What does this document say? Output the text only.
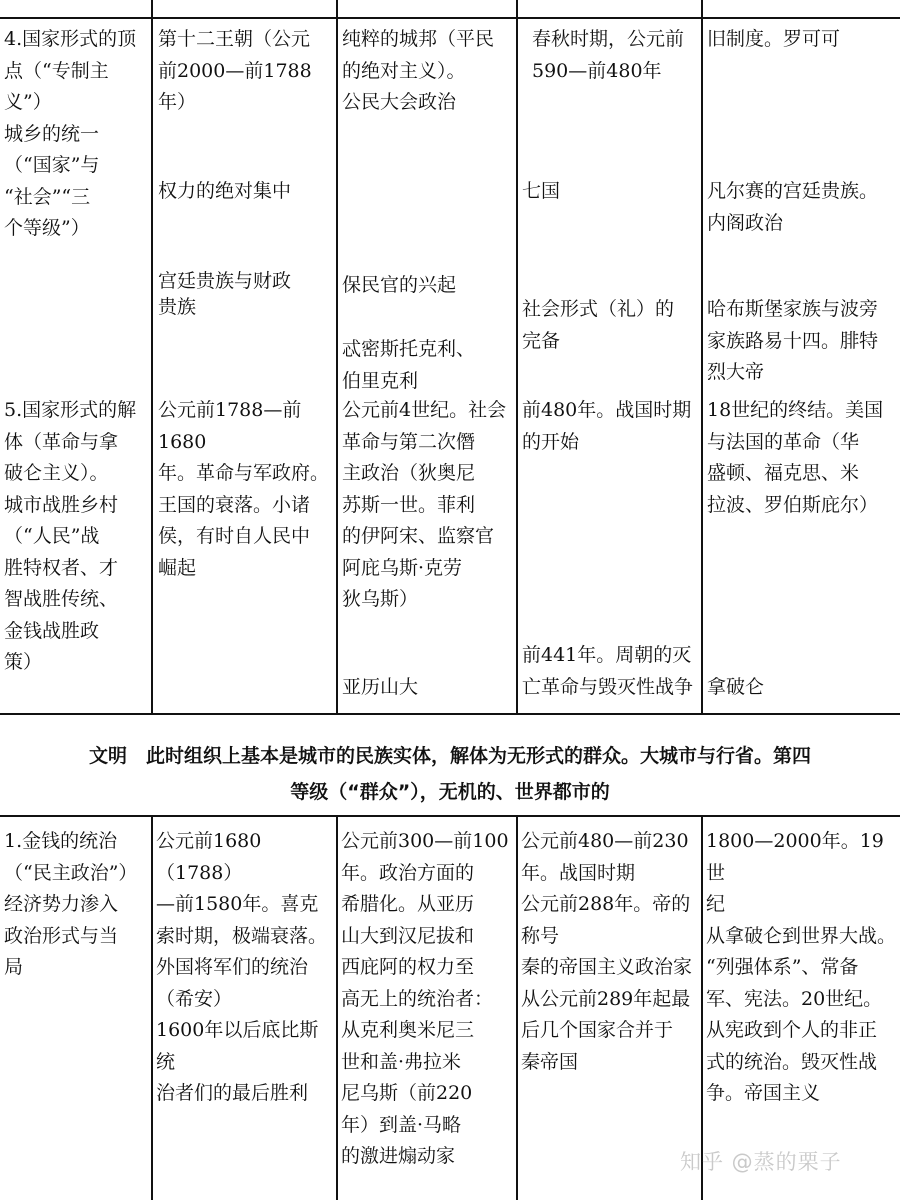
4.国家形式的顶
点（“专制主
义”）
城乡的统一
（“国家”与
“社会”“三
个等级”）
第十二王朝（公元
前2000—前1788
年）
权力的绝对集中
宫廷贵族与财政
贵族
纯粹的城邦（平民
的绝对主义）。
公民大会政治
保民官的兴起
忒密斯托克利、
伯里克利
春秋时期，公元前
590—前480年
七国
社会形式（礼）的
完备
旧制度。罗可可
凡尔赛的宫廷贵族。
内阁政治
哈布斯堡家族与波旁
家族路易十四。腓特
烈大帝
5.国家形式的解
体（革命与拿
破仑主义）。
城市战胜乡村
（“人民”战
胜特权者、才
智战胜传统、
金钱战胜政
策）
公元前1788—前1680
年。革命与军政府。
王国的衰落。小诸
侯，有时自人民中
崛起
公元前4世纪。社会
革命与第二次僭
主政治（狄奥尼
苏斯一世。菲利
的伊阿宋、监察官
阿庇乌斯·克劳
狄乌斯）
亚历山大
前480年。战国时期
的开始
前441年。周朝的灭
亡革命与毁灭性战争
18世纪的终结。美国
与法国的革命（华
盛顿、福克思、米
拉波、罗伯斯庇尔）
拿破仑
文明　此时组织上基本是城市的民族实体，解体为无形式的群众。大城市与行省。第四
等级（“群众”），无机的、世界都市的
1.金钱的统治
（“民主政治”）
经济势力渗入
政治形式与当
局
公元前1680（1788）
—前1580年。喜克
索时期，极端衰落。
外国将军们的统治
（希安）
1600年以后底比斯统
治者们的最后胜利
公元前300—前100
年。政治方面的
希腊化。从亚历
山大到汉尼拔和
西庇阿的权力至
高无上的统治者：
从克利奥米尼三
世和盖·弗拉米
尼乌斯（前220
年）到盖·马略
的激进煽动家
公元前480—前230
年。战国时期
公元前288年。帝的
称号
秦的帝国主义政治家
从公元前289年起最
后几个国家合并于
秦帝国
1800—2000年。19世
纪
从拿破仑到世界大战。
“列强体系”、常备
军、宪法。20世纪。
从宪政到个人的非正
式的统治。毁灭性战
争。帝国主义
知乎 @蒸的栗子
